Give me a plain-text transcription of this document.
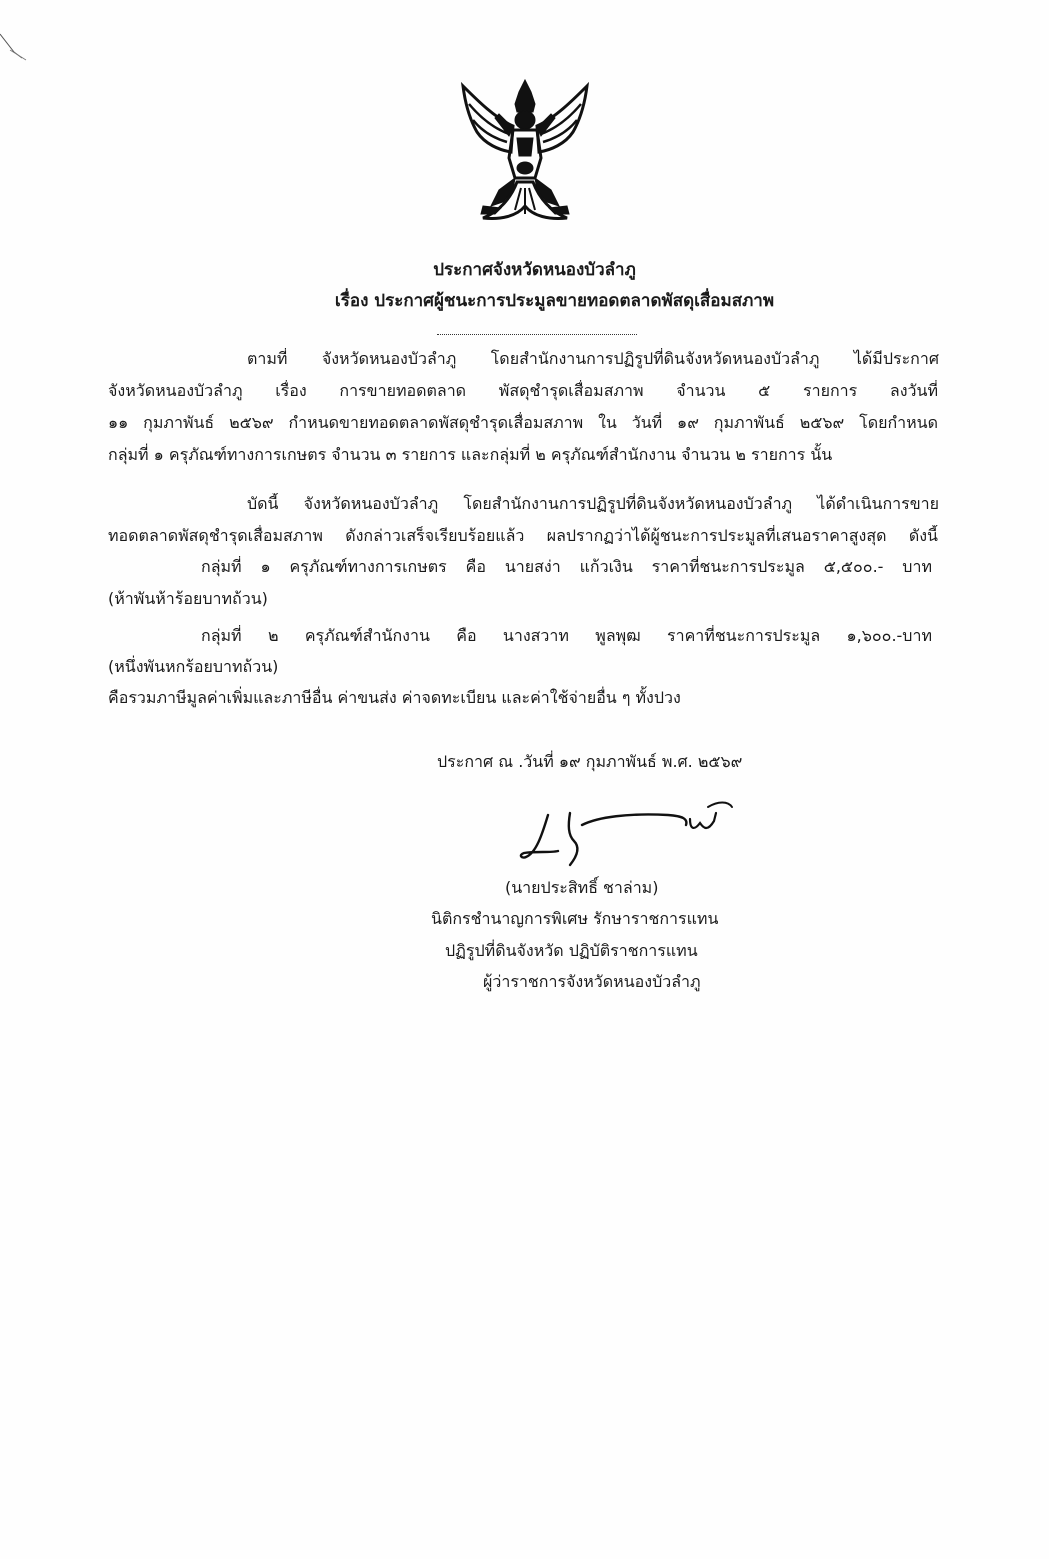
ประกาศจังหวัดหนองบัวลำภู
เรื่อง ประกาศผู้ชนะการประมูลขายทอดตลาดพัสดุเสื่อมสภาพ
ตามที่ จังหวัดหนองบัวลำภู โดยสำนักงานการปฏิรูปที่ดินจังหวัดหนองบัวลำภู ได้มีประกาศ
จังหวัดหนองบัวลำภู เรื่อง การขายทอดตลาด พัสดุชำรุดเสื่อมสภาพ จำนวน ๕ รายการ ลงวันที่
๑๑ กุมภาพันธ์ ๒๕๖๙ กำหนดขายทอดตลาดพัสดุชำรุดเสื่อมสภาพ ใน วันที่ ๑๙ กุมภาพันธ์ ๒๕๖๙ โดยกำหนด
กลุ่มที่ ๑ ครุภัณฑ์ทางการเกษตร จำนวน ๓ รายการ และกลุ่มที่ ๒ ครุภัณฑ์สำนักงาน จำนวน ๒ รายการ นั้น
บัดนี้ จังหวัดหนองบัวลำภู โดยสำนักงานการปฏิรูปที่ดินจังหวัดหนองบัวลำภู ได้ดำเนินการขาย
ทอดตลาดพัสดุชำรุดเสื่อมสภาพ ดังกล่าวเสร็จเรียบร้อยแล้ว ผลปรากฏว่าได้ผู้ชนะการประมูลที่เสนอราคาสูงสุด ดังนี้
กลุ่มที่ ๑ ครุภัณฑ์ทางการเกษตร คือ นายสง่า แก้วเงิน ราคาที่ชนะการประมูล ๕,๕๐๐.- บาท
(ห้าพันห้าร้อยบาทถ้วน)
กลุ่มที่ ๒ ครุภัณฑ์สำนักงาน คือ นางสวาท พูลพุฒ ราคาที่ชนะการประมูล ๑,๖๐๐.-บาท
(หนึ่งพันหกร้อยบาทถ้วน)
คือรวมภาษีมูลค่าเพิ่มและภาษีอื่น ค่าขนส่ง ค่าจดทะเบียน และค่าใช้จ่ายอื่น ๆ ทั้งปวง
ประกาศ ณ .วันที่ ๑๙ กุมภาพันธ์ พ.ศ. ๒๕๖๙
(นายประสิทธิ์ ชาล่าม)
นิติกรชำนาญการพิเศษ รักษาราชการแทน
ปฏิรูปที่ดินจังหวัด ปฏิบัติราชการแทน
ผู้ว่าราชการจังหวัดหนองบัวลำภู
